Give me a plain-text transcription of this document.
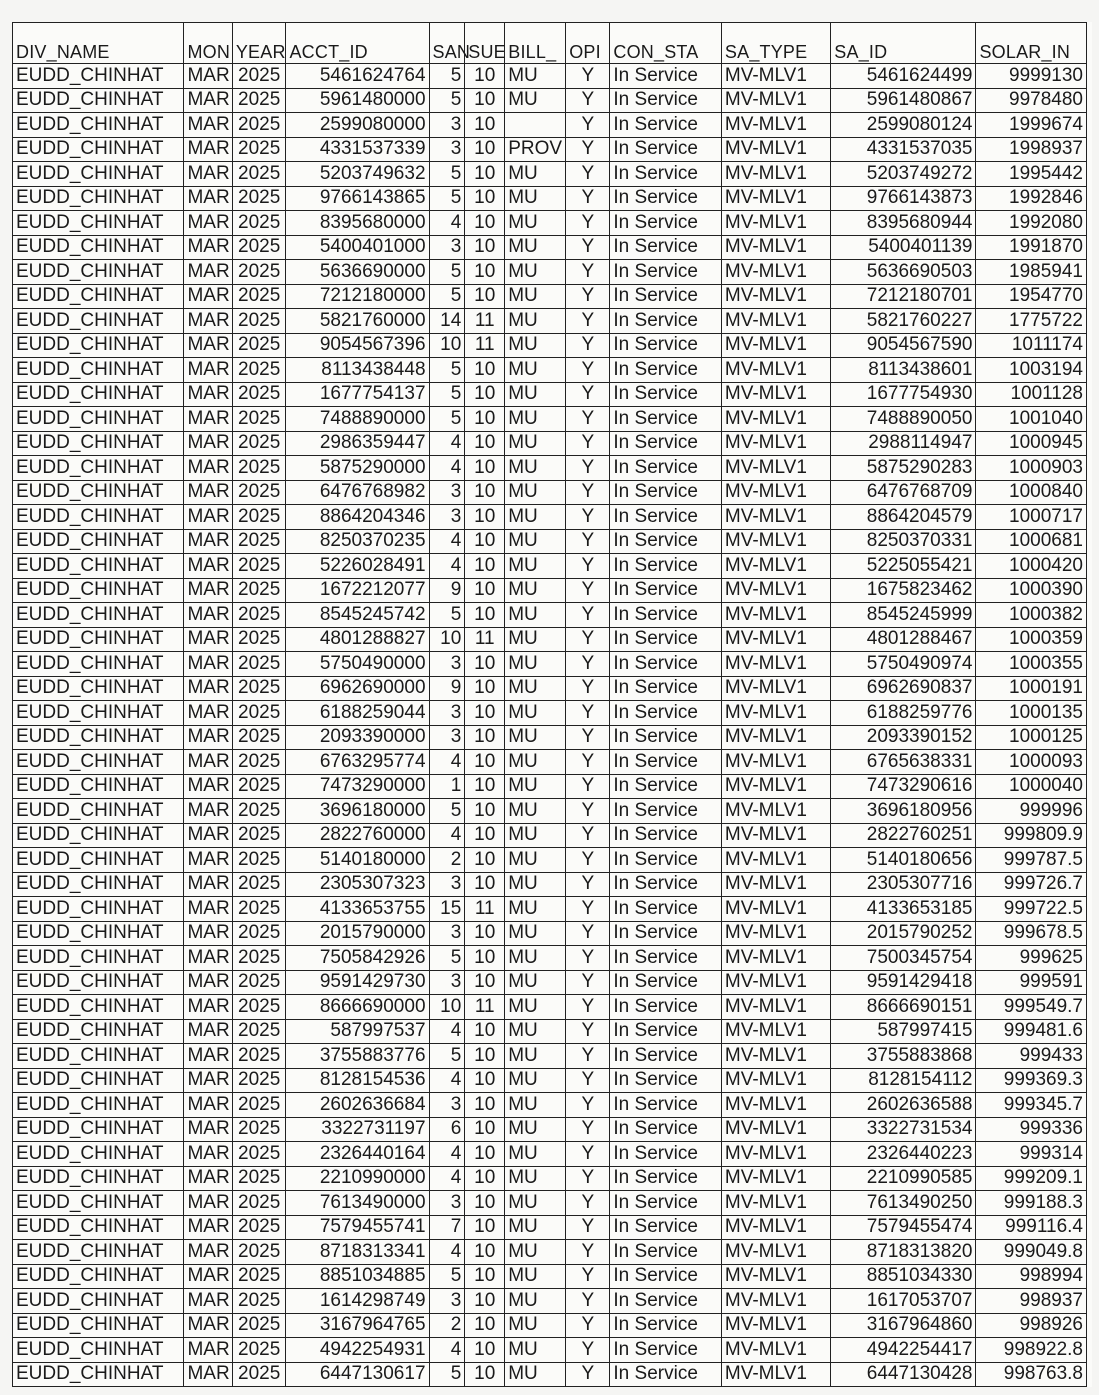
DIV_NAME	MON	YEAR	ACCT_ID	SAN	SUE	BILL_	OPI	CON_STA	SA_TYPE	SA_ID	SOLAR_IN
EUDD_CHINHAT	MAR	2025	5461624764	5	10	MU	Y	In Service	MV-MLV1	5461624499	9999130
EUDD_CHINHAT	MAR	2025	5961480000	5	10	MU	Y	In Service	MV-MLV1	5961480867	9978480
EUDD_CHINHAT	MAR	2025	2599080000	3	10		Y	In Service	MV-MLV1	2599080124	1999674
EUDD_CHINHAT	MAR	2025	4331537339	3	10	PROV	Y	In Service	MV-MLV1	4331537035	1998937
EUDD_CHINHAT	MAR	2025	5203749632	5	10	MU	Y	In Service	MV-MLV1	5203749272	1995442
EUDD_CHINHAT	MAR	2025	9766143865	5	10	MU	Y	In Service	MV-MLV1	9766143873	1992846
EUDD_CHINHAT	MAR	2025	8395680000	4	10	MU	Y	In Service	MV-MLV1	8395680944	1992080
EUDD_CHINHAT	MAR	2025	5400401000	3	10	MU	Y	In Service	MV-MLV1	5400401139	1991870
EUDD_CHINHAT	MAR	2025	5636690000	5	10	MU	Y	In Service	MV-MLV1	5636690503	1985941
EUDD_CHINHAT	MAR	2025	7212180000	5	10	MU	Y	In Service	MV-MLV1	7212180701	1954770
EUDD_CHINHAT	MAR	2025	5821760000	14	11	MU	Y	In Service	MV-MLV1	5821760227	1775722
EUDD_CHINHAT	MAR	2025	9054567396	10	11	MU	Y	In Service	MV-MLV1	9054567590	1011174
EUDD_CHINHAT	MAR	2025	8113438448	5	10	MU	Y	In Service	MV-MLV1	8113438601	1003194
EUDD_CHINHAT	MAR	2025	1677754137	5	10	MU	Y	In Service	MV-MLV1	1677754930	1001128
EUDD_CHINHAT	MAR	2025	7488890000	5	10	MU	Y	In Service	MV-MLV1	7488890050	1001040
EUDD_CHINHAT	MAR	2025	2986359447	4	10	MU	Y	In Service	MV-MLV1	2988114947	1000945
EUDD_CHINHAT	MAR	2025	5875290000	4	10	MU	Y	In Service	MV-MLV1	5875290283	1000903
EUDD_CHINHAT	MAR	2025	6476768982	3	10	MU	Y	In Service	MV-MLV1	6476768709	1000840
EUDD_CHINHAT	MAR	2025	8864204346	3	10	MU	Y	In Service	MV-MLV1	8864204579	1000717
EUDD_CHINHAT	MAR	2025	8250370235	4	10	MU	Y	In Service	MV-MLV1	8250370331	1000681
EUDD_CHINHAT	MAR	2025	5226028491	4	10	MU	Y	In Service	MV-MLV1	5225055421	1000420
EUDD_CHINHAT	MAR	2025	1672212077	9	10	MU	Y	In Service	MV-MLV1	1675823462	1000390
EUDD_CHINHAT	MAR	2025	8545245742	5	10	MU	Y	In Service	MV-MLV1	8545245999	1000382
EUDD_CHINHAT	MAR	2025	4801288827	10	11	MU	Y	In Service	MV-MLV1	4801288467	1000359
EUDD_CHINHAT	MAR	2025	5750490000	3	10	MU	Y	In Service	MV-MLV1	5750490974	1000355
EUDD_CHINHAT	MAR	2025	6962690000	9	10	MU	Y	In Service	MV-MLV1	6962690837	1000191
EUDD_CHINHAT	MAR	2025	6188259044	3	10	MU	Y	In Service	MV-MLV1	6188259776	1000135
EUDD_CHINHAT	MAR	2025	2093390000	3	10	MU	Y	In Service	MV-MLV1	2093390152	1000125
EUDD_CHINHAT	MAR	2025	6763295774	4	10	MU	Y	In Service	MV-MLV1	6765638331	1000093
EUDD_CHINHAT	MAR	2025	7473290000	1	10	MU	Y	In Service	MV-MLV1	7473290616	1000040
EUDD_CHINHAT	MAR	2025	3696180000	5	10	MU	Y	In Service	MV-MLV1	3696180956	999996
EUDD_CHINHAT	MAR	2025	2822760000	4	10	MU	Y	In Service	MV-MLV1	2822760251	999809.9
EUDD_CHINHAT	MAR	2025	5140180000	2	10	MU	Y	In Service	MV-MLV1	5140180656	999787.5
EUDD_CHINHAT	MAR	2025	2305307323	3	10	MU	Y	In Service	MV-MLV1	2305307716	999726.7
EUDD_CHINHAT	MAR	2025	4133653755	15	11	MU	Y	In Service	MV-MLV1	4133653185	999722.5
EUDD_CHINHAT	MAR	2025	2015790000	3	10	MU	Y	In Service	MV-MLV1	2015790252	999678.5
EUDD_CHINHAT	MAR	2025	7505842926	5	10	MU	Y	In Service	MV-MLV1	7500345754	999625
EUDD_CHINHAT	MAR	2025	9591429730	3	10	MU	Y	In Service	MV-MLV1	9591429418	999591
EUDD_CHINHAT	MAR	2025	8666690000	10	11	MU	Y	In Service	MV-MLV1	8666690151	999549.7
EUDD_CHINHAT	MAR	2025	587997537	4	10	MU	Y	In Service	MV-MLV1	587997415	999481.6
EUDD_CHINHAT	MAR	2025	3755883776	5	10	MU	Y	In Service	MV-MLV1	3755883868	999433
EUDD_CHINHAT	MAR	2025	8128154536	4	10	MU	Y	In Service	MV-MLV1	8128154112	999369.3
EUDD_CHINHAT	MAR	2025	2602636684	3	10	MU	Y	In Service	MV-MLV1	2602636588	999345.7
EUDD_CHINHAT	MAR	2025	3322731197	6	10	MU	Y	In Service	MV-MLV1	3322731534	999336
EUDD_CHINHAT	MAR	2025	2326440164	4	10	MU	Y	In Service	MV-MLV1	2326440223	999314
EUDD_CHINHAT	MAR	2025	2210990000	4	10	MU	Y	In Service	MV-MLV1	2210990585	999209.1
EUDD_CHINHAT	MAR	2025	7613490000	3	10	MU	Y	In Service	MV-MLV1	7613490250	999188.3
EUDD_CHINHAT	MAR	2025	7579455741	7	10	MU	Y	In Service	MV-MLV1	7579455474	999116.4
EUDD_CHINHAT	MAR	2025	8718313341	4	10	MU	Y	In Service	MV-MLV1	8718313820	999049.8
EUDD_CHINHAT	MAR	2025	8851034885	5	10	MU	Y	In Service	MV-MLV1	8851034330	998994
EUDD_CHINHAT	MAR	2025	1614298749	3	10	MU	Y	In Service	MV-MLV1	1617053707	998937
EUDD_CHINHAT	MAR	2025	3167964765	2	10	MU	Y	In Service	MV-MLV1	3167964860	998926
EUDD_CHINHAT	MAR	2025	4942254931	4	10	MU	Y	In Service	MV-MLV1	4942254417	998922.8
EUDD_CHINHAT	MAR	2025	6447130617	5	10	MU	Y	In Service	MV-MLV1	6447130428	998763.8
